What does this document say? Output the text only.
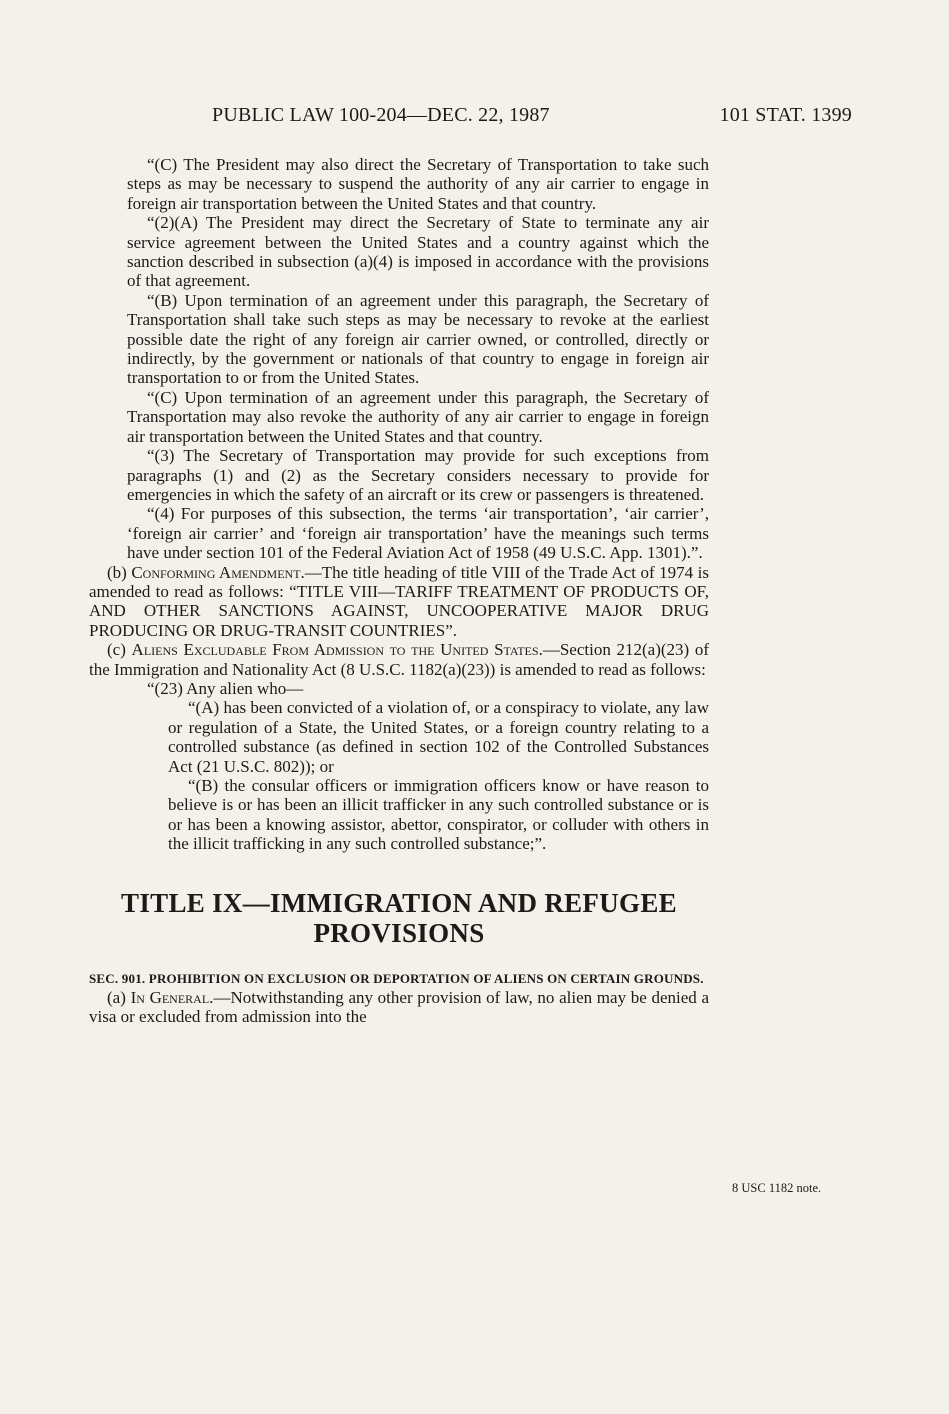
PUBLIC LAW 100-204—DEC. 22, 1987	101 STAT. 1399

“(C) The President may also direct the Secretary of Transportation to take such steps as may be necessary to suspend the authority of any air carrier to engage in foreign air transportation between the United States and that country.

“(2)(A) The President may direct the Secretary of State to terminate any air service agreement between the United States and a country against which the sanction described in subsection (a)(4) is imposed in accordance with the provisions of that agreement.

“(B) Upon termination of an agreement under this paragraph, the Secretary of Transportation shall take such steps as may be necessary to revoke at the earliest possible date the right of any foreign air carrier owned, or controlled, directly or indirectly, by the government or nationals of that country to engage in foreign air transportation to or from the United States.

“(C) Upon termination of an agreement under this paragraph, the Secretary of Transportation may also revoke the authority of any air carrier to engage in foreign air transportation between the United States and that country.

“(3) The Secretary of Transportation may provide for such exceptions from paragraphs (1) and (2) as the Secretary considers necessary to provide for emergencies in which the safety of an aircraft or its crew or passengers is threatened.

“(4) For purposes of this subsection, the terms ‘air transportation’, ‘air carrier’, ‘foreign air carrier’ and ‘foreign air transportation’ have the meanings such terms have under section 101 of the Federal Aviation Act of 1958 (49 U.S.C. App. 1301).”.

(b) Conforming Amendment.—The title heading of title VIII of the Trade Act of 1974 is amended to read as follows: “TITLE VIII—TARIFF TREATMENT OF PRODUCTS OF, AND OTHER SANCTIONS AGAINST, UNCOOPERATIVE MAJOR DRUG PRODUCING OR DRUG-TRANSIT COUNTRIES”.

(c) Aliens Excludable From Admission to the United States.—Section 212(a)(23) of the Immigration and Nationality Act (8 U.S.C. 1182(a)(23)) is amended to read as follows:

“(23) Any alien who—

“(A) has been convicted of a violation of, or a conspiracy to violate, any law or regulation of a State, the United States, or a foreign country relating to a controlled substance (as defined in section 102 of the Controlled Substances Act (21 U.S.C. 802)); or

“(B) the consular officers or immigration officers know or have reason to believe is or has been an illicit trafficker in any such controlled substance or is or has been a knowing assistor, abettor, conspirator, or colluder with others in the illicit trafficking in any such controlled substance;”.

TITLE IX—IMMIGRATION AND REFUGEE
PROVISIONS

SEC. 901. PROHIBITION ON EXCLUSION OR DEPORTATION OF ALIENS ON CERTAIN GROUNDS.

(a) In General.—Notwithstanding any other provision of law, no alien may be denied a visa or excluded from admission into the

8 USC 1182 note.
